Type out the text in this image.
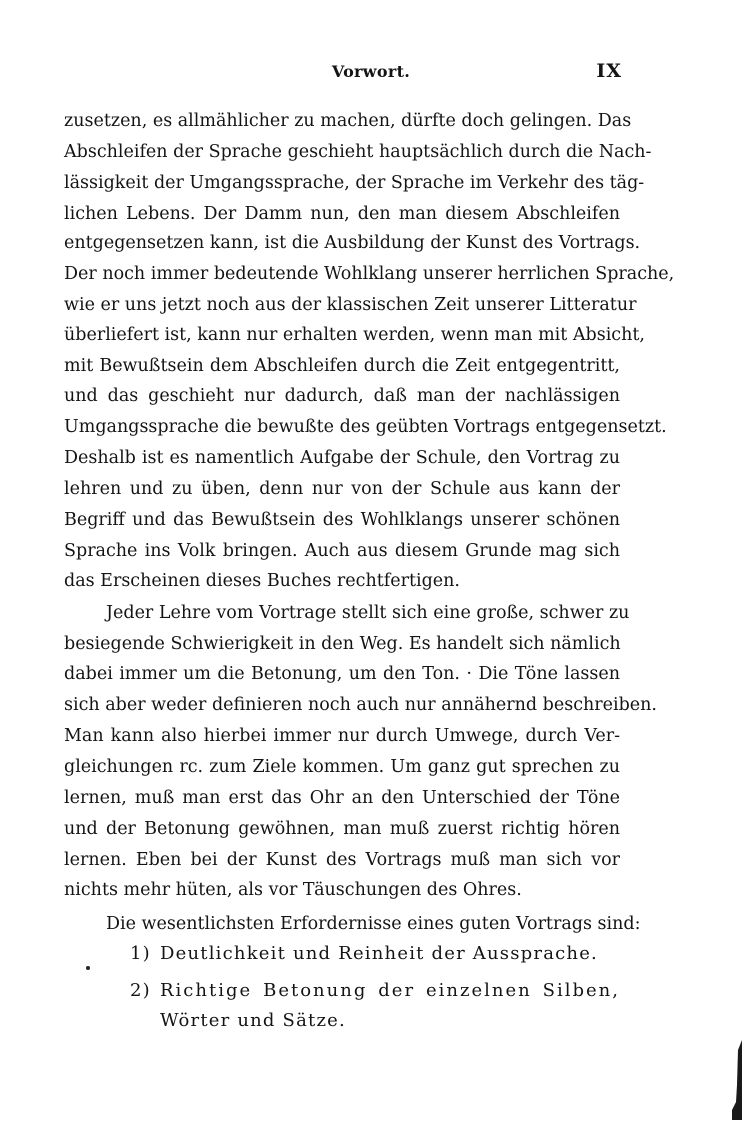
Vorwort.	IX
zusetzen, es allmählicher zu machen, dürfte doch gelingen. Das
Abschleifen der Sprache geschieht hauptsächlich durch die Nach-
lässigkeit der Umgangssprache, der Sprache im Verkehr des täg-
lichen Lebens. Der Damm nun, den man diesem Abschleifen
entgegensetzen kann, ist die Ausbildung der Kunst des Vortrags.
Der noch immer bedeutende Wohlklang unserer herrlichen Sprache,
wie er uns jetzt noch aus der klassischen Zeit unserer Litteratur
überliefert ist, kann nur erhalten werden, wenn man mit Absicht,
mit Bewußtsein dem Abschleifen durch die Zeit entgegentritt,
und das geschieht nur dadurch, daß man der nachlässigen
Umgangssprache die bewußte des geübten Vortrags entgegensetzt.
Deshalb ist es namentlich Aufgabe der Schule, den Vortrag zu
lehren und zu üben, denn nur von der Schule aus kann der
Begriff und das Bewußtsein des Wohlklangs unserer schönen
Sprache ins Volk bringen. Auch aus diesem Grunde mag sich
das Erscheinen dieses Buches rechtfertigen.
Jeder Lehre vom Vortrage stellt sich eine große, schwer zu
besiegende Schwierigkeit in den Weg. Es handelt sich nämlich
dabei immer um die Betonung, um den Ton. · Die Töne lassen
sich aber weder definieren noch auch nur annähernd beschreiben.
Man kann also hierbei immer nur durch Umwege, durch Ver-
gleichungen rc. zum Ziele kommen. Um ganz gut sprechen zu
lernen, muß man erst das Ohr an den Unterschied der Töne
und der Betonung gewöhnen, man muß zuerst richtig hören
lernen. Eben bei der Kunst des Vortrags muß man sich vor
nichts mehr hüten, als vor Täuschungen des Ohres.
Die wesentlichsten Erfordernisse eines guten Vortrags sind:
1) Deutlichkeit und Reinheit der Aussprache.
2) Richtige Betonung der einzelnen Silben,
Wörter und Sätze.
